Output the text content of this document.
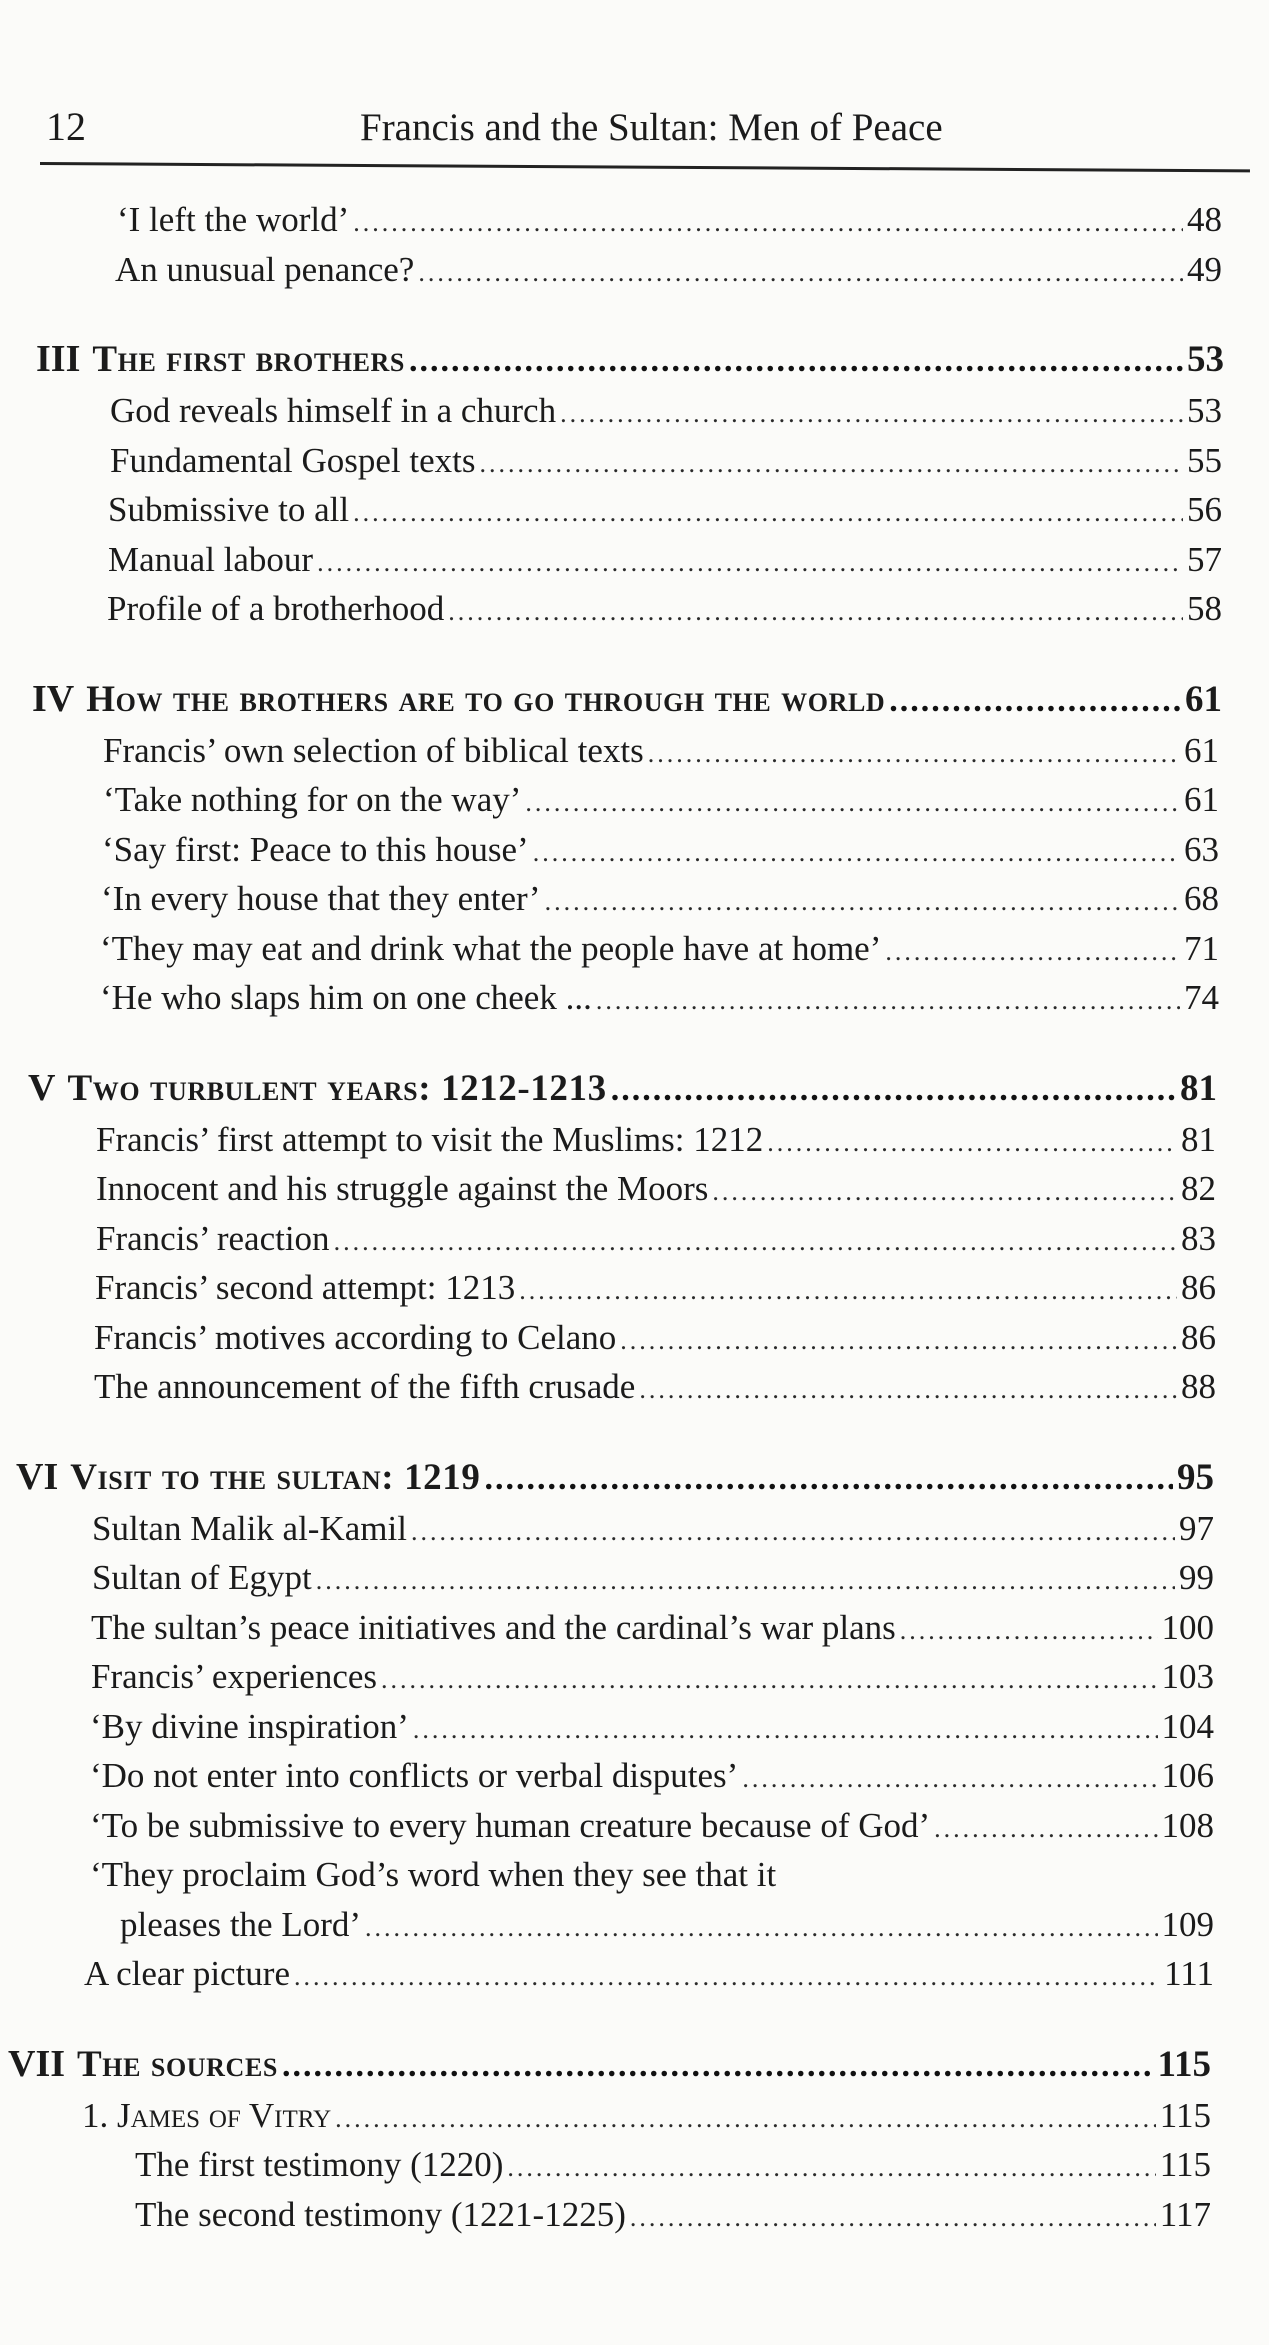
12	Francis and the Sultan: Men of Peace
‘I left the world’ .....	48
An unusual penance? .....	49
III The first brothers .....	53
God reveals himself in a church .....	53
Fundamental Gospel texts .....	55
Submissive to all .....	56
Manual labour .....	57
Profile of a brotherhood .....	58
IV How the brothers are to go through the world .....	61
Francis’ own selection of biblical texts .....	61
‘Take nothing for on the way’ .....	61
‘Say first: Peace to this house’ .....	63
‘In every house that they enter’ .....	68
‘They may eat and drink what the people have at home’ .....	71
‘He who slaps him on one cheek ... .....	74
V Two turbulent years: 1212-1213 .....	81
Francis’ first attempt to visit the Muslims: 1212 .....	81
Innocent and his struggle against the Moors .....	82
Francis’ reaction .....	83
Francis’ second attempt: 1213 .....	86
Francis’ motives according to Celano .....	86
The announcement of the fifth crusade .....	88
VI Visit to the sultan: 1219 .....	95
Sultan Malik al-Kamil .....	97
Sultan of Egypt .....	99
The sultan’s peace initiatives and the cardinal’s war plans .....	100
Francis’ experiences .....	103
‘By divine inspiration’ .....	104
‘Do not enter into conflicts or verbal disputes’ .....	106
‘To be submissive to every human creature because of God’ .....	108
‘They proclaim God’s word when they see that it
pleases the Lord’ .....	109
A clear picture .....	111
VII The sources .....	115
1. James of Vitry .....	115
The first testimony (1220) .....	115
The second testimony (1221-1225) .....	117
